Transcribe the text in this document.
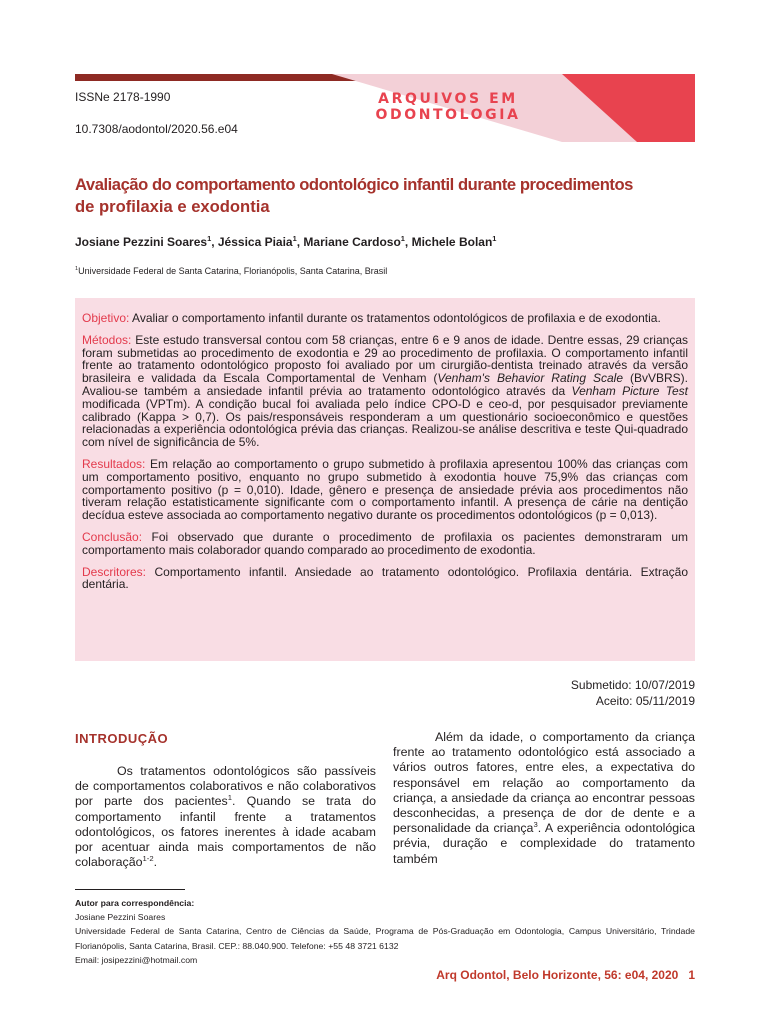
ARQUIVOS EM
ODONTOLOGIA
ISSNe 2178-1990
10.7308/aodontol/2020.56.e04
Avaliação do comportamento odontológico infantil durante procedimentos
de profilaxia e exodontia
Josiane Pezzini Soares$^1$, Jéssica Piaia$^1$, Mariane Cardoso$^1$, Michele Bolan$^1$
$^1$Universidade Federal de Santa Catarina, Florianópolis, Santa Catarina, Brasil

Objetivo: Avaliar o comportamento infantil durante os tratamentos odontológicos de profilaxia e de exodontia.

Métodos: Este estudo transversal contou com 58 crianças, entre 6 e 9 anos de idade. Dentre essas, 29 crianças foram submetidas ao procedimento de exodontia e 29 ao procedimento de profilaxia. O comportamento infantil frente ao tratamento odontológico proposto foi avaliado por um cirurgião-dentista treinado através da versão brasileira e validada da Escala Comportamental de Venham (Venham's Behavior Rating Scale (BvVBRS). Avaliou-se também a ansiedade infantil prévia ao tratamento odontológico através da Venham Picture Test modificada (VPTm). A condição bucal foi avaliada pelo índice CPO-D e ceo-d, por pesquisador previamente calibrado (Kappa > 0,7). Os pais/responsáveis responderam a um questionário socioeconômico e questões relacionadas a experiência odontológica prévia das crianças. Realizou-se análise descritiva e teste Qui-quadrado com nível de significância de 5%.

Resultados: Em relação ao comportamento o grupo submetido à profilaxia apresentou 100% das crianças com um comportamento positivo, enquanto no grupo submetido à exodontia houve 75,9% das crianças com comportamento positivo (p = 0,010). Idade, gênero e presença de ansiedade prévia aos procedimentos não tiveram relação estatisticamente significante com o comportamento infantil. A presença de cárie na dentição decídua esteve associada ao comportamento negativo durante os procedimentos odontológicos (p = 0,013).

Conclusão: Foi observado que durante o procedimento de profilaxia os pacientes demonstraram um comportamento mais colaborador quando comparado ao procedimento de exodontia.

Descritores: Comportamento infantil. Ansiedade ao tratamento odontológico. Profilaxia dentária. Extração dentária.

Submetido: 10/07/2019
Aceito: 05/11/2019
INTRODUÇÃO

Os tratamentos odontológicos são passíveis de comportamentos colaborativos e não colaborativos por parte dos pacientes$^1$. Quando se trata do comportamento infantil frente a tratamentos odontológicos, os fatores inerentes à idade acabam por acentuar ainda mais comportamentos de não colaboração$^{1-2}$.

Além da idade, o comportamento da criança frente ao tratamento odontológico está associado a vários outros fatores, entre eles, a expectativa do responsável em relação ao comportamento da criança, a ansiedade da criança ao encontrar pessoas desconhecidas, a presença de dor de dente e a personalidade da criança$^3$. A experiência odontológica prévia, duração e complexidade do tratamento também

Autor para correspondência:
Josiane Pezzini Soares
Universidade Federal de Santa Catarina, Centro de Ciências da Saúde, Programa de Pós-Graduação em Odontologia, Campus Universitário, Trindade Florianópolis, Santa Catarina, Brasil. CEP.: 88.040.900. Telefone: +55 48 3721 6132
Email: josipezzini@hotmail.com
Arq Odontol, Belo Horizonte, 56: e04, 2020 1
